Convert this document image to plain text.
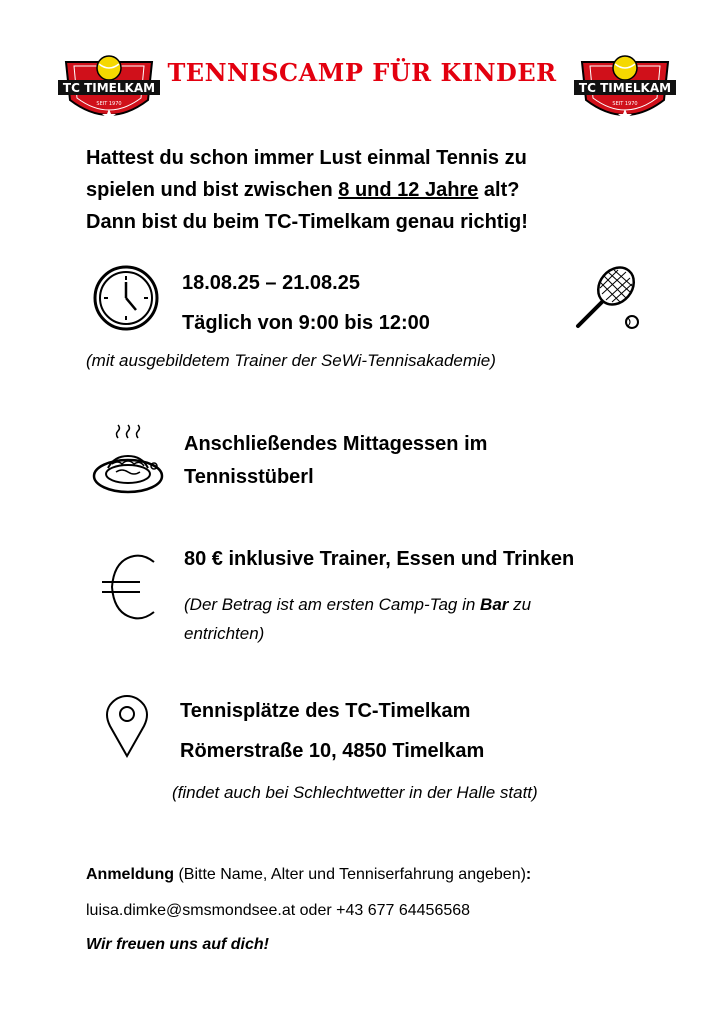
TENNISCAMP FÜR KINDER
TC TIMELKAM
SEIT 1970
TC TIMELKAM
SEIT 1970
Hattest du schon immer Lust einmal Tennis zu
spielen und bist zwischen 8 und 12 Jahre alt?
Dann bist du beim TC-Timelkam genau richtig!
18.08.25 – 21.08.25
Täglich von 9:00 bis 12:00
(mit ausgebildetem Trainer der SeWi-Tennisakademie)
Anschließendes Mittagessen im
Tennisstüberl
80 € inklusive Trainer, Essen und Trinken
(Der Betrag ist am ersten Camp-Tag in Bar zu
entrichten)
Tennisplätze des TC-Timelkam
Römerstraße 10, 4850 Timelkam
(findet auch bei Schlechtwetter in der Halle statt)
Anmeldung (Bitte Name, Alter und Tenniserfahrung angeben):
luisa.dimke@smsmondsee.at oder +43 677 64456568
Wir freuen uns auf dich!
